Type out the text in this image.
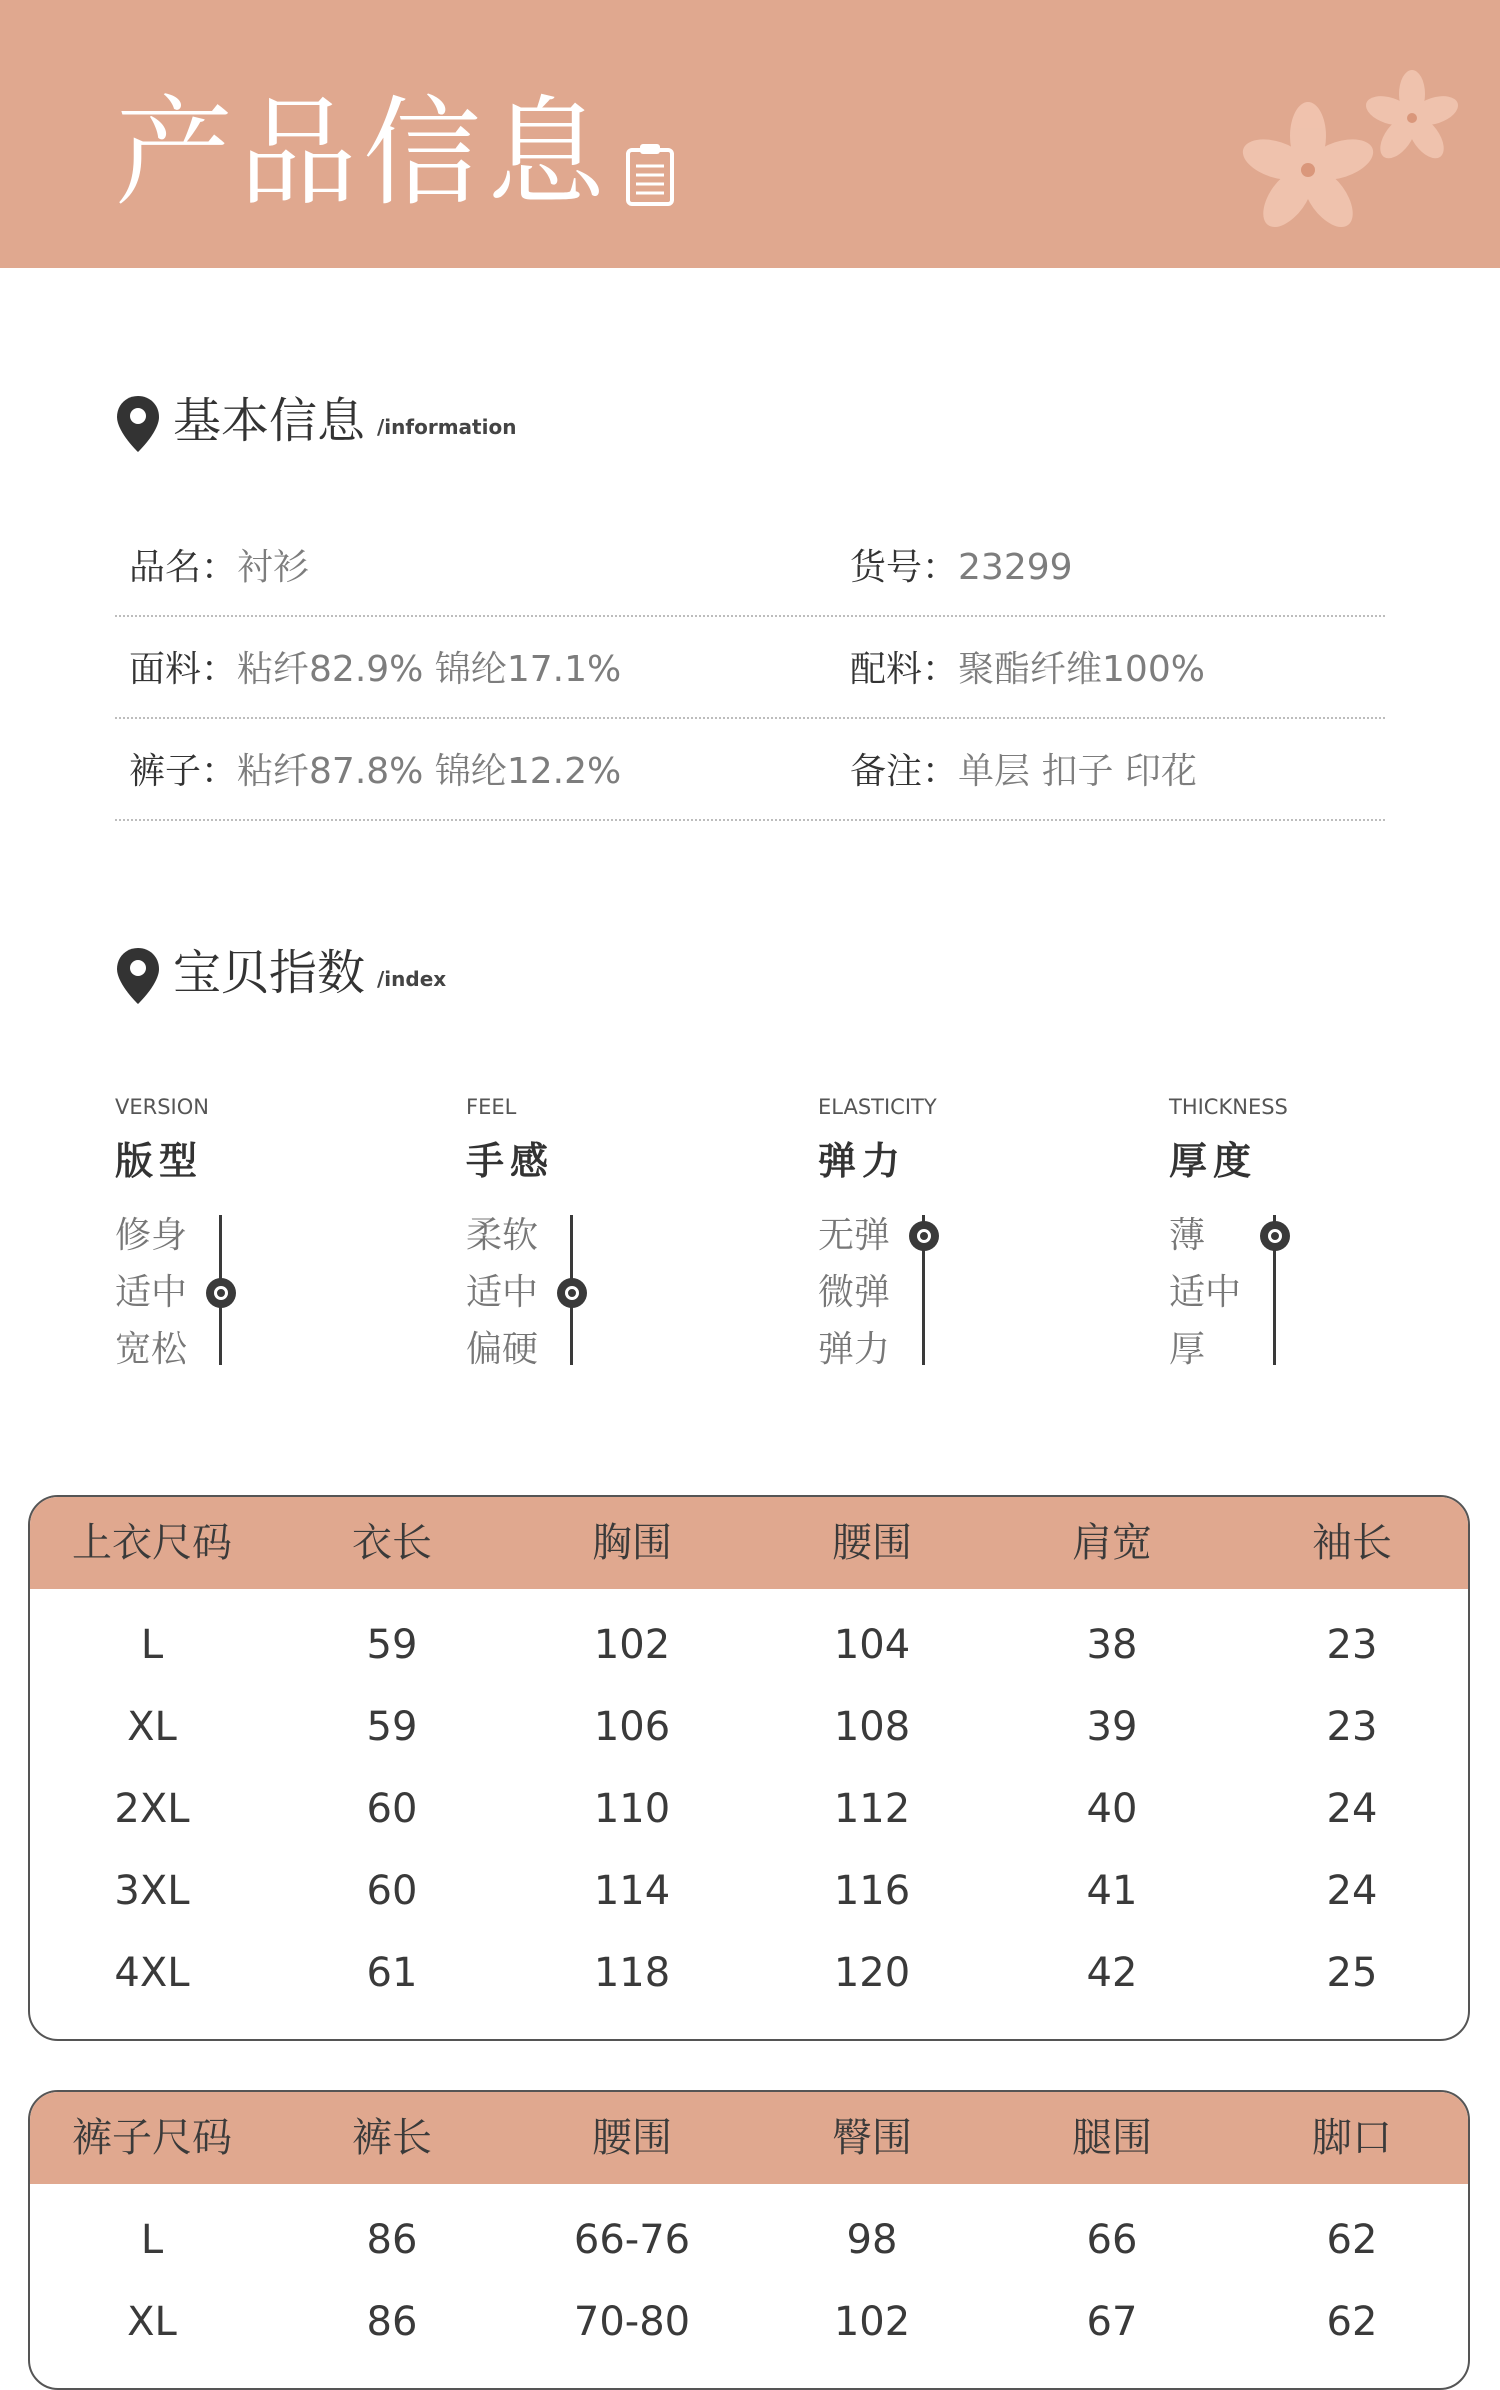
产品信息
基本信息 /information
品名：衬衫	货号：23299
面料：粘纤82.9% 锦纶17.1%	配料：聚酯纤维100%
裤子：粘纤87.8% 锦纶12.2%	备注：单层 扣子 印花
宝贝指数 /index
VERSION
版型
修身
适中
宽松
FEEL
手感
柔软
适中
偏硬
ELASTICITY
弹力
无弹
微弹
弹力
THICKNESS
厚度
薄
适中
厚
上衣尺码	衣长	胸围	腰围	肩宽	袖长
L	59	102	104	38	23
XL	59	106	108	39	23
2XL	60	110	112	40	24
3XL	60	114	116	41	24
4XL	61	118	120	42	25
裤子尺码	裤长	腰围	臀围	腿围	脚口
L	86	66-76	98	66	62
XL	86	70-80	102	67	62
